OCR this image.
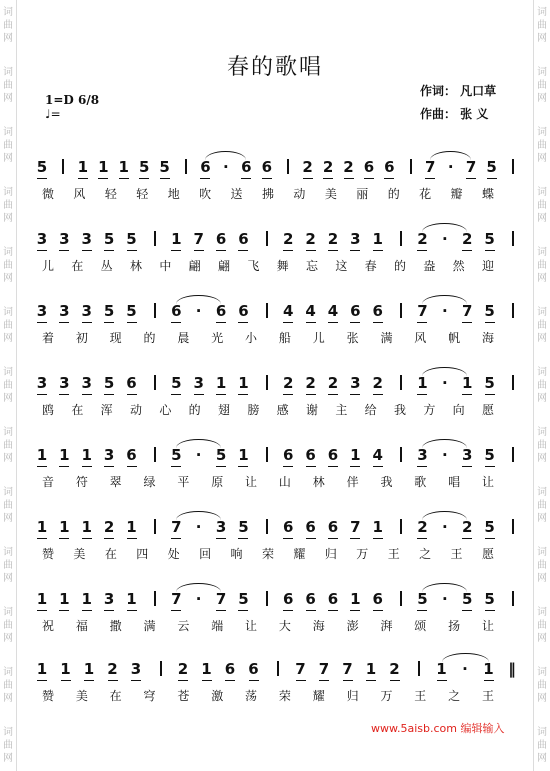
词
曲
网
词
曲
网
词
曲
网
词
曲
网
词
曲
网
词
曲
网
词
曲
网
词
曲
网
词
曲
网
词
曲
网
词
曲
网
词
曲
网
词
曲
网
词
曲
网
词
曲
网
词
曲
网
词
曲
网
词
曲
网
词
曲
网
词
曲
网
词
曲
网
词
曲
网
词
曲
网
词
曲
网
词
曲
网
词
曲
网
春的歌唱
1=D 6/8
♩=
作词： 凡口草
作曲： 张 义
5 1 1 1 5 5 6 · 6 6 2 2 2 6 6 7 · 7 5
微 风 轻 轻 地 吹 送 拂 动 美 丽 的 花 瓣 蝶
3 3 3 5 5 1 7 6 6 2 2 2 3 1 2 · 2 5
儿 在 丛 林 中 翩 翩 飞 舞 忘 这 春 的 盎 然 迎
3 3 3 5 5 6 · 6 6 4 4 4 6 6 7 · 7 5
着 初 现 的 晨 光 小 船 儿 张 满 风 帆 海
3 3 3 5 6 5 3 1 1 2 2 2 3 2 1 · 1 5
鸥 在 浑 动 心 的 翅 膀 感 谢 主 给 我 方 向 愿
1 1 1 3 6 5 · 5 1 6 6 6 1 4 3 · 3 5
音 符 翠 绿 平 原 让 山 林 伴 我 歌 唱 让
1 1 1 2 1 7 · 3 5 6 6 6 7 1 2 · 2 5
赞 美 在 四 处 回 响 荣 耀 归 万 王 之 王 愿
1 1 1 3 1 7 · 7 5 6 6 6 1 6 5 · 5 5
祝 福 撒 满 云 端 让 大 海 澎 湃 颂 扬 让
1 1 1 2 3 2 1 6 6 7 7 7 1 2 1 · 1 ‖
赞 美 在 穹 苍 激 荡 荣 耀 归 万 王 之 王
www.5aisb.com 编辑输入
